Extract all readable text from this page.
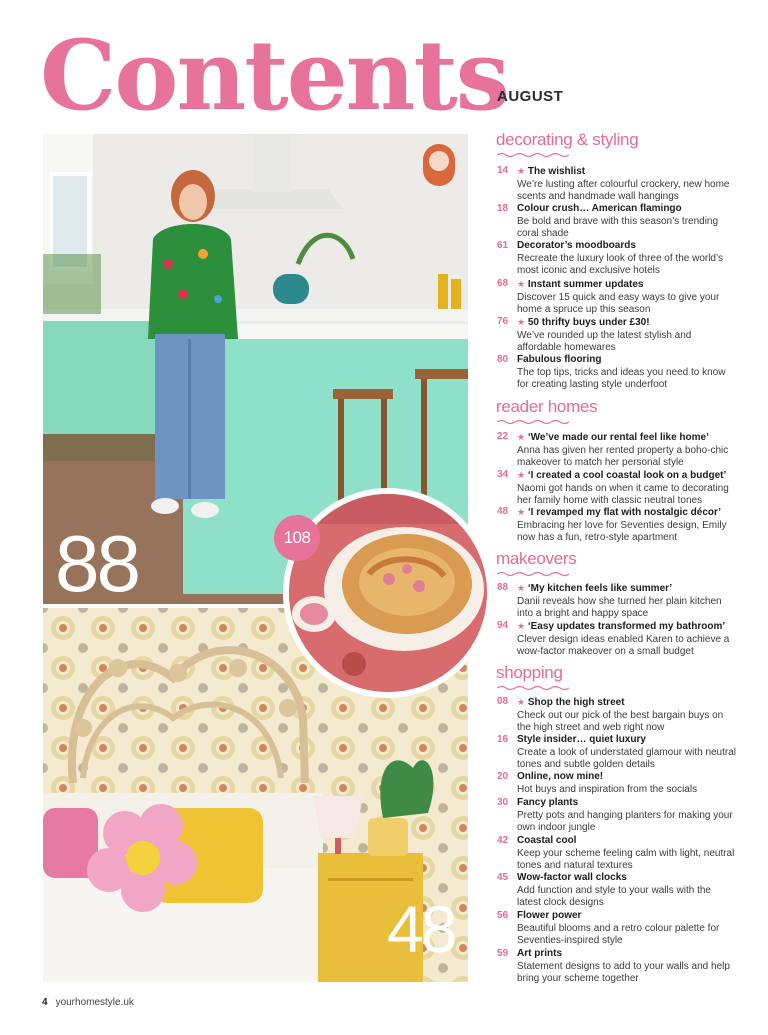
Contents
AUGUST
88
48
108
decorating & styling
14 ★ The wishlist
We’re lusting after colourful crockery, new home scents and handmade wall hangings
18 Colour crush… American flamingo
Be bold and brave with this season’s trending coral shade
61 Decorator’s moodboards
Recreate the luxury look of three of the world’s most iconic and exclusive hotels
68 ★ Instant summer updates
Discover 15 quick and easy ways to give your home a spruce up this season
76 ★ 50 thrifty buys under £30!
We’ve rounded up the latest stylish and affordable homewares
80 Fabulous flooring
The top tips, tricks and ideas you need to know for creating lasting style underfoot
reader homes
22 ★ ‘We’ve made our rental feel like home’
Anna has given her rented property a boho-chic makeover to match her personal style
34 ★ ‘I created a cool coastal look on a budget’
Naomi got hands on when it came to decorating her family home with classic neutral tones
48 ★ ‘I revamped my flat with nostalgic décor’
Embracing her love for Seventies design, Emily now has a fun, retro-style apartment
makeovers
88 ★ ‘My kitchen feels like summer’
Danii reveals how she turned her plain kitchen into a bright and happy space
94 ★ ‘Easy updates transformed my bathroom’
Clever design ideas enabled Karen to achieve a wow-factor makeover on a small budget
shopping
08 ★ Shop the high street
Check out our pick of the best bargain buys on the high street and web right now
16 Style insider… quiet luxury
Create a look of understated glamour with neutral tones and subtle golden details
20 Online, now mine!
Hot buys and inspiration from the socials
30 Fancy plants
Pretty pots and hanging planters for making your own indoor jungle
42 Coastal cool
Keep your scheme feeling calm with light, neutral tones and natural textures
45 Wow-factor wall clocks
Add function and style to your walls with the latest clock designs
56 Flower power
Beautiful blooms and a retro colour palette for Seventies-inspired style
59 Art prints
Statement designs to add to your walls and help bring your scheme together
4 yourhomestyle.uk
